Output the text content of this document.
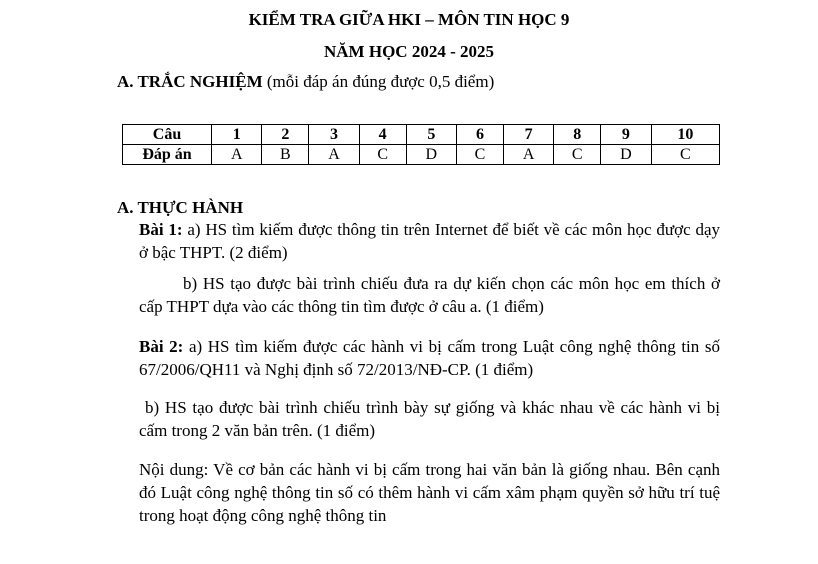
KIỂM TRA GIỮA HKI – MÔN TIN HỌC 9
NĂM HỌC 2024 - 2025
A. TRẮC NGHIỆM (mỗi đáp án đúng được 0,5 điểm)
Câu	1	2	3	4	5	6	7	8	9	10
Đáp án	A	B	A	C	D	C	A	C	D	C
A. THỰC HÀNH
Bài 1: a) HS tìm kiếm được thông tin trên Internet để biết về các môn học được dạy ở bậc THPT. (2 điểm)
b) HS tạo được bài trình chiếu đưa ra dự kiến chọn các môn học em thích ở cấp THPT dựa vào các thông tin tìm được ở câu a. (1 điểm)
Bài 2: a) HS tìm kiếm được các hành vi bị cấm trong Luật công nghệ thông tin số 67/2006/QH11 và Nghị định số 72/2013/NĐ-CP. (1 điểm)
b) HS tạo được bài trình chiếu trình bày sự giống và khác nhau về các hành vi bị cấm trong 2 văn bản trên. (1 điểm)
Nội dung: Về cơ bản các hành vi bị cấm trong hai văn bản là giống nhau. Bên cạnh đó Luật công nghệ thông tin số có thêm hành vi cấm xâm phạm quyền sở hữu trí tuệ trong hoạt động công nghệ thông tin
